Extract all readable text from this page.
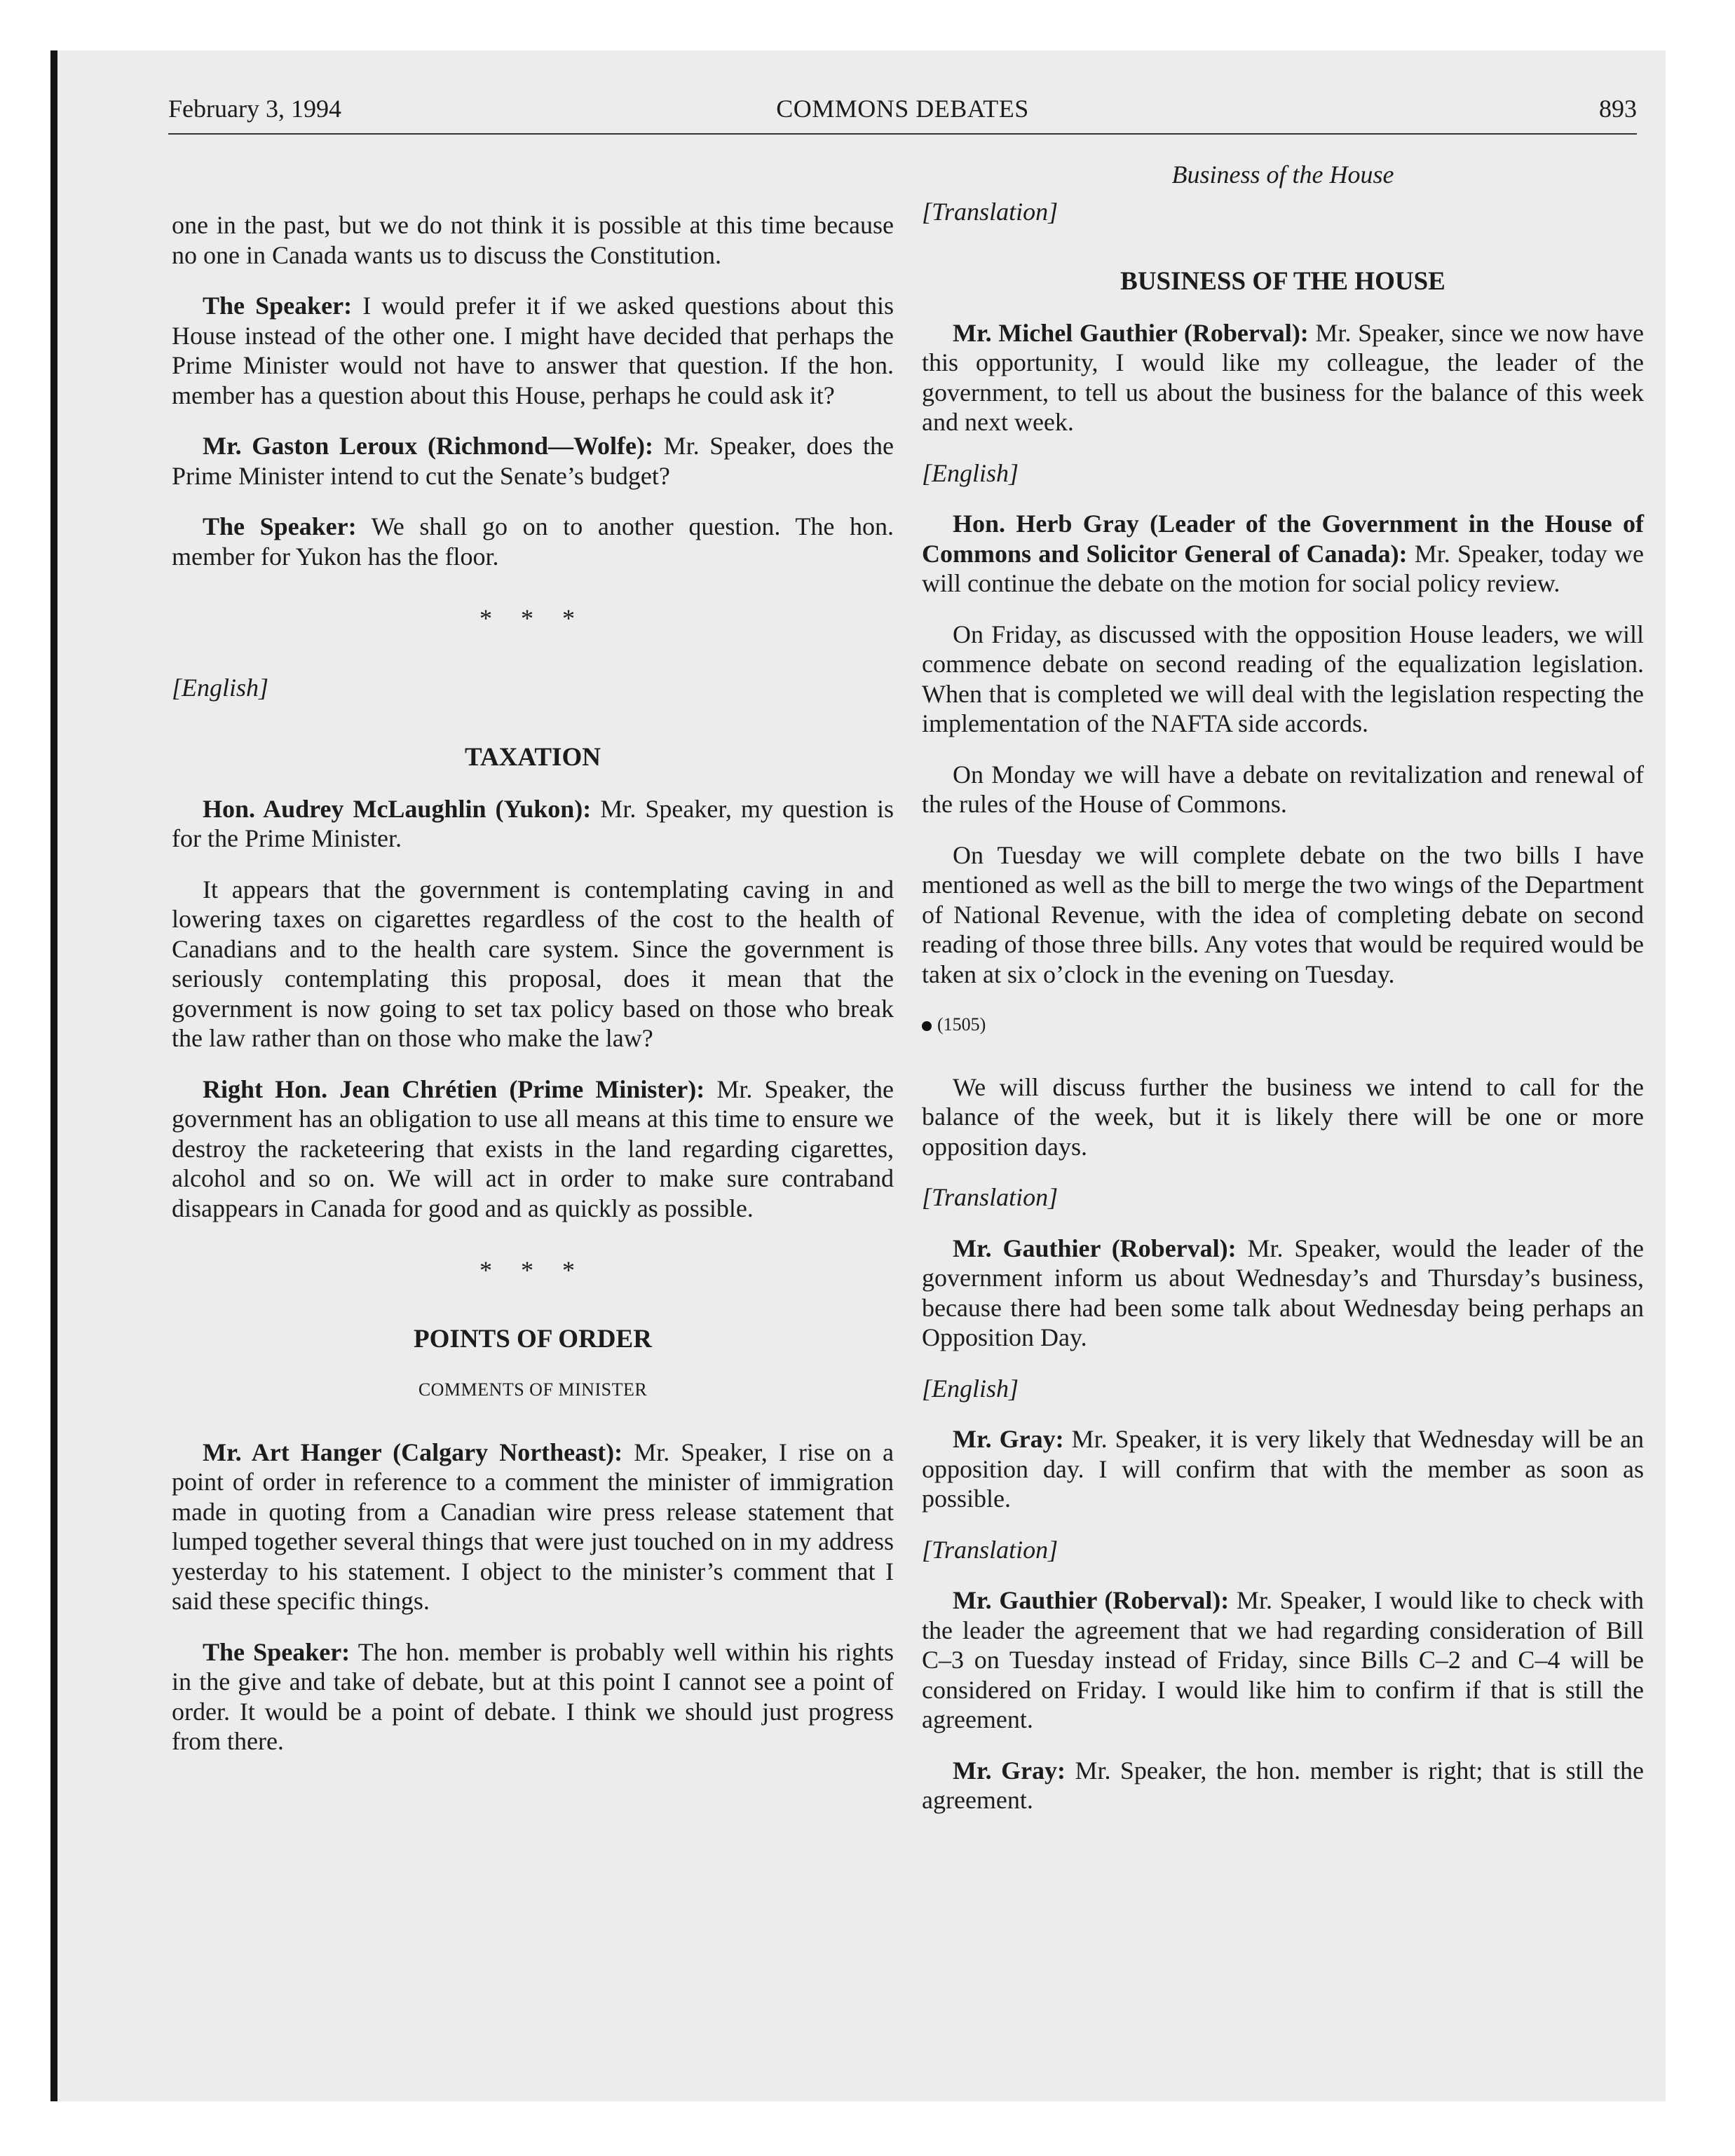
February 3, 1994	COMMONS DEBATES	893

one in the past, but we do not think it is possible at this time because no one in Canada wants us to discuss the Constitution.

The Speaker: I would prefer it if we asked questions about this House instead of the other one. I might have decided that perhaps the Prime Minister would not have to answer that question. If the hon. member has a question about this House, perhaps he could ask it?

Mr. Gaston Leroux (Richmond—Wolfe): Mr. Speaker, does the Prime Minister intend to cut the Senate’s budget?

The Speaker: We shall go on to another question. The hon. member for Yukon has the floor.

* * *

[English]

TAXATION

Hon. Audrey McLaughlin (Yukon): Mr. Speaker, my question is for the Prime Minister.

It appears that the government is contemplating caving in and lowering taxes on cigarettes regardless of the cost to the health of Canadians and to the health care system. Since the government is seriously contemplating this proposal, does it mean that the government is now going to set tax policy based on those who break the law rather than on those who make the law?

Right Hon. Jean Chrétien (Prime Minister): Mr. Speaker, the government has an obligation to use all means at this time to ensure we destroy the racketeering that exists in the land regarding cigarettes, alcohol and so on. We will act in order to make sure contraband disappears in Canada for good and as quickly as possible.

* * *

POINTS OF ORDER

COMMENTS OF MINISTER

Mr. Art Hanger (Calgary Northeast): Mr. Speaker, I rise on a point of order in reference to a comment the minister of immigration made in quoting from a Canadian wire press release statement that lumped together several things that were just touched on in my address yesterday to his statement. I object to the minister’s comment that I said these specific things.

The Speaker: The hon. member is probably well within his rights in the give and take of debate, but at this point I cannot see a point of order. It would be a point of debate. I think we should just progress from there.

Business of the House

[Translation]

BUSINESS OF THE HOUSE

Mr. Michel Gauthier (Roberval): Mr. Speaker, since we now have this opportunity, I would like my colleague, the leader of the government, to tell us about the business for the balance of this week and next week.

[English]

Hon. Herb Gray (Leader of the Government in the House of Commons and Solicitor General of Canada): Mr. Speaker, today we will continue the debate on the motion for social policy review.

On Friday, as discussed with the opposition House leaders, we will commence debate on second reading of the equalization legislation. When that is completed we will deal with the legislation respecting the implementation of the NAFTA side accords.

On Monday we will have a debate on revitalization and renewal of the rules of the House of Commons.

On Tuesday we will complete debate on the two bills I have mentioned as well as the bill to merge the two wings of the Department of National Revenue, with the idea of completing debate on second reading of those three bills. Any votes that would be required would be taken at six o’clock in the evening on Tuesday.

(1505)

We will discuss further the business we intend to call for the balance of the week, but it is likely there will be one or more opposition days.

[Translation]

Mr. Gauthier (Roberval): Mr. Speaker, would the leader of the government inform us about Wednesday’s and Thursday’s business, because there had been some talk about Wednesday being perhaps an Opposition Day.

[English]

Mr. Gray: Mr. Speaker, it is very likely that Wednesday will be an opposition day. I will confirm that with the member as soon as possible.

[Translation]

Mr. Gauthier (Roberval): Mr. Speaker, I would like to check with the leader the agreement that we had regarding consideration of Bill C–3 on Tuesday instead of Friday, since Bills C–2 and C–4 will be considered on Friday. I would like him to confirm if that is still the agreement.

Mr. Gray: Mr. Speaker, the hon. member is right; that is still the agreement.
